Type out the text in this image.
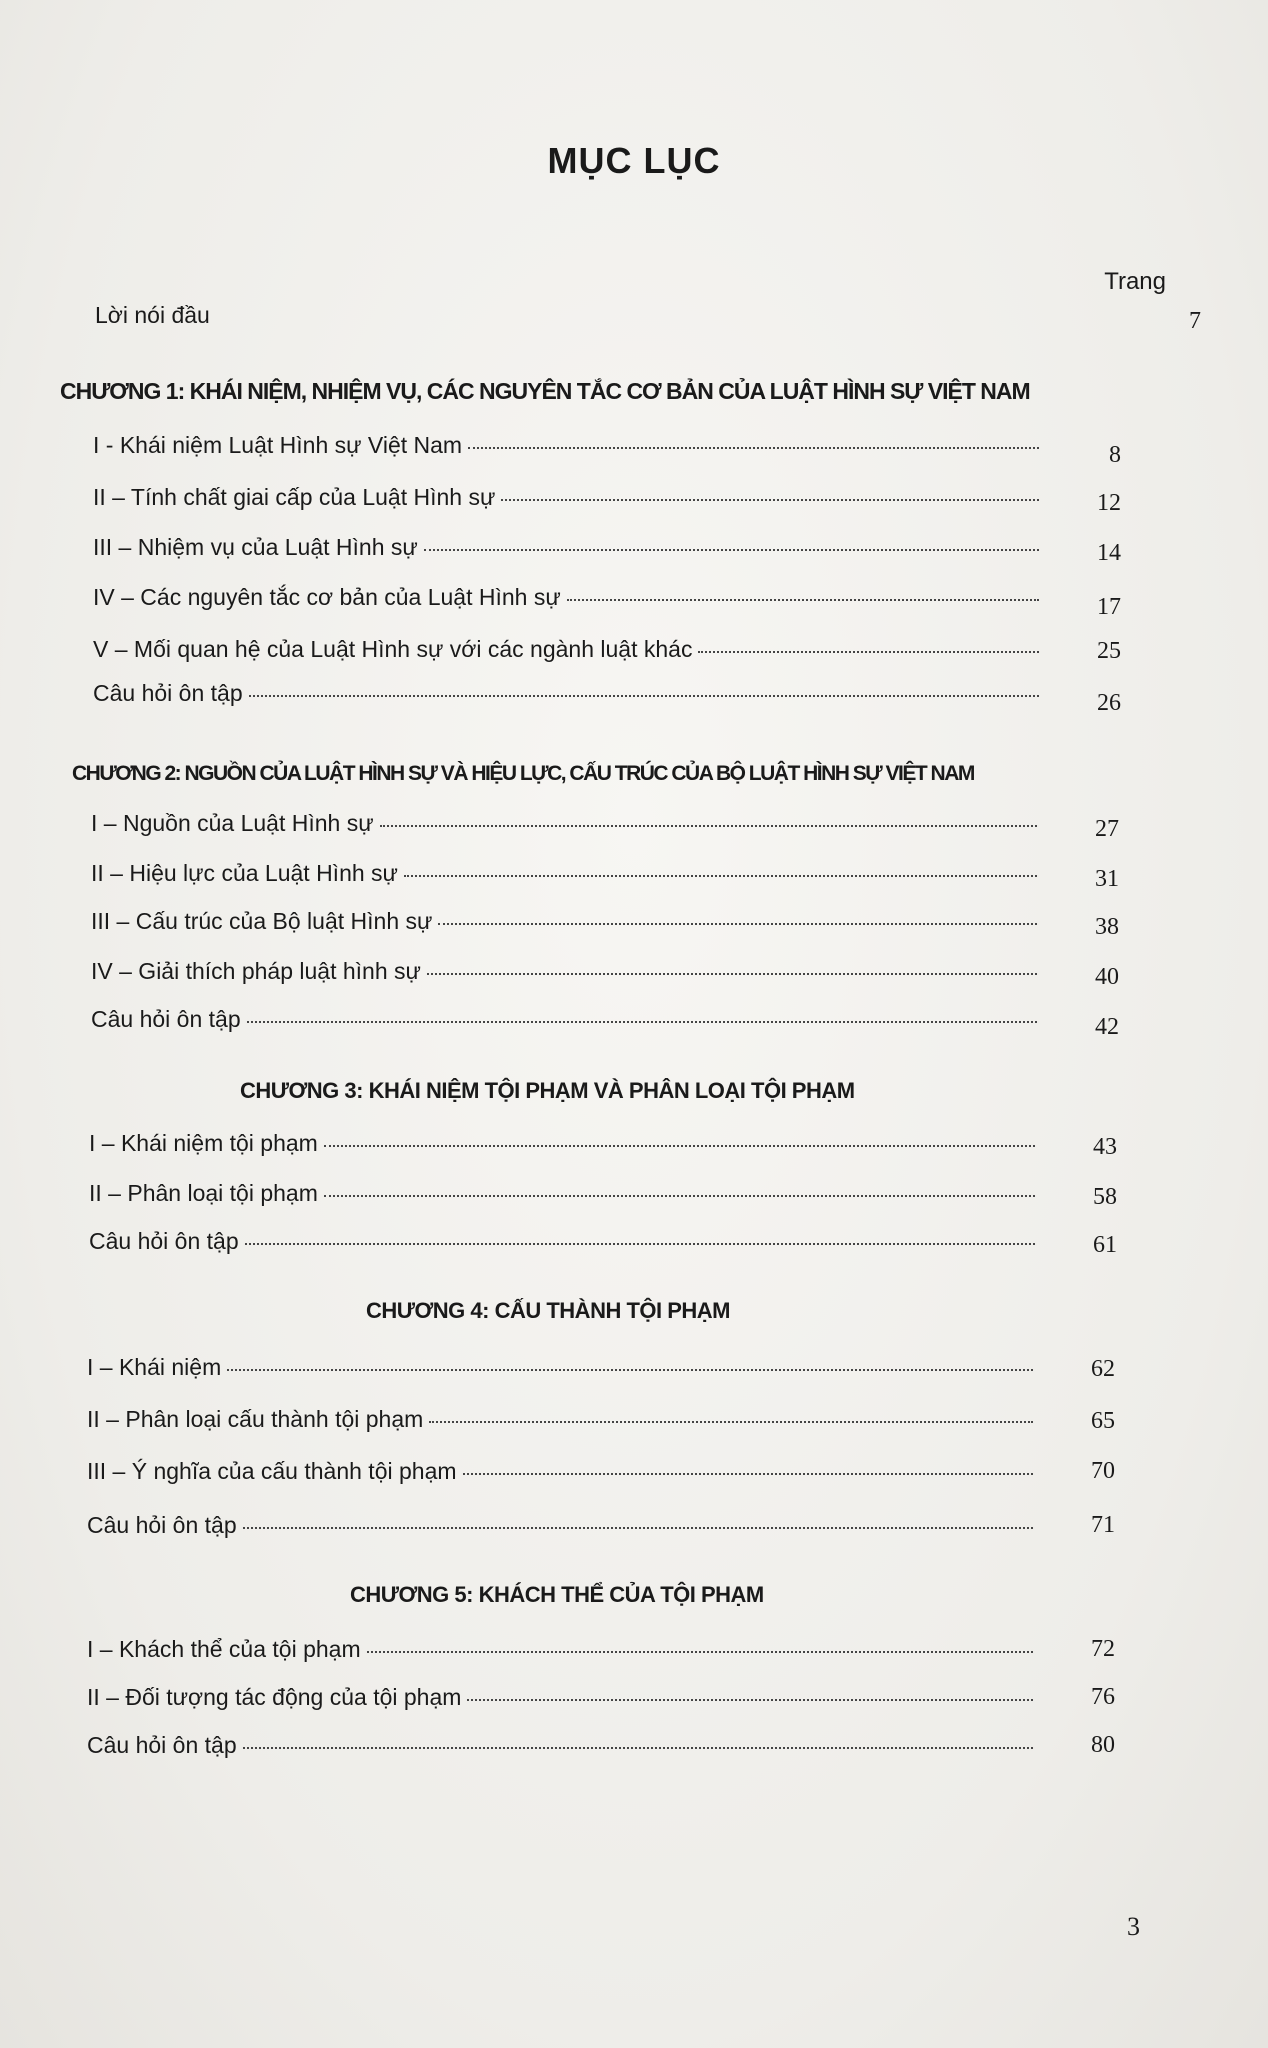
MỤC LỤC
Trang
Lời nói đầu	7
CHƯƠNG 1: KHÁI NIỆM, NHIỆM VỤ, CÁC NGUYÊN TẮC CƠ BẢN CỦA LUẬT HÌNH SỰ VIỆT NAM
I - Khái niệm Luật Hình sự Việt Nam	8
II – Tính chất giai cấp của Luật Hình sự	12
III – Nhiệm vụ của Luật Hình sự	14
IV – Các nguyên tắc cơ bản của Luật Hình sự	17
V – Mối quan hệ của Luật Hình sự với các ngành luật khác	25
Câu hỏi ôn tập	26
CHƯƠNG 2: NGUỒN CỦA LUẬT HÌNH SỰ VÀ HIỆU LỰC, CẤU TRÚC CỦA BỘ LUẬT HÌNH SỰ VIỆT NAM
I – Nguồn của Luật Hình sự	27
II – Hiệu lực của Luật Hình sự	31
III – Cấu trúc của Bộ luật Hình sự	38
IV – Giải thích pháp luật hình sự	40
Câu hỏi ôn tập	42
CHƯƠNG 3: KHÁI NIỆM TỘI PHẠM VÀ PHÂN LOẠI TỘI PHẠM
I – Khái niệm tội phạm	43
II – Phân loại tội phạm	58
Câu hỏi ôn tập	61
CHƯƠNG 4: CẤU THÀNH TỘI PHẠM
I – Khái niệm	62
II – Phân loại cấu thành tội phạm	65
III – Ý nghĩa của cấu thành tội phạm	70
Câu hỏi ôn tập	71
CHƯƠNG 5: KHÁCH THỂ CỦA TỘI PHẠM
I – Khách thể của tội phạm	72
II – Đối tượng tác động của tội phạm	76
Câu hỏi ôn tập	80
3
